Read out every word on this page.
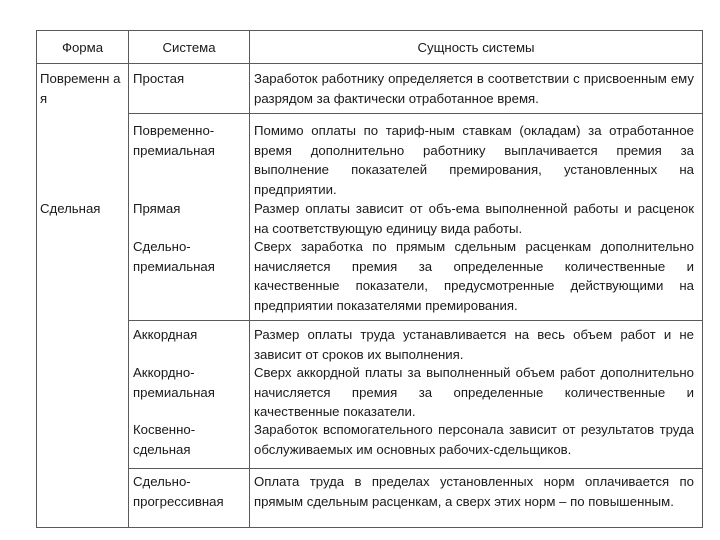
Форма	Система	Сущность системы
Повременн ая
Сдельная
Простая
Повременно-премиальная
Прямая
Сдельно-премиальная
Аккордная
Аккордно-премиальная
Косвенно-сдельная
Сдельно-прогрессивная
Заработок работнику определяется в соответствии с присвоенным ему разрядом за фактически отработанное время.
Помимо оплаты по тариф-ным ставкам (окладам) за отработанное время дополнительно работнику выплачивается премия за выполнение показателей премирования, установленных на предприятии.
Размер оплаты зависит от объ-ема выполненной работы и расценок на соответствующую единицу вида работы.
Сверх заработка по прямым сдельным расценкам дополнительно начисляется премия за определенные количественные и качественные показатели, предусмотренные действующими на предприятии показателями премирования.
Размер оплаты труда устанавливается на весь объем работ и не зависит от сроков их выполнения.
Сверх аккордной платы за выполненный объем работ дополнительно начисляется премия за определенные количественные и качественные показатели.
Заработок вспомогательного персонала зависит от результатов труда обслуживаемых им основных рабочих-сдельщиков.
Оплата труда в пределах установленных норм оплачивается по прямым сдельным расценкам, а сверх этих норм – по повышенным.
